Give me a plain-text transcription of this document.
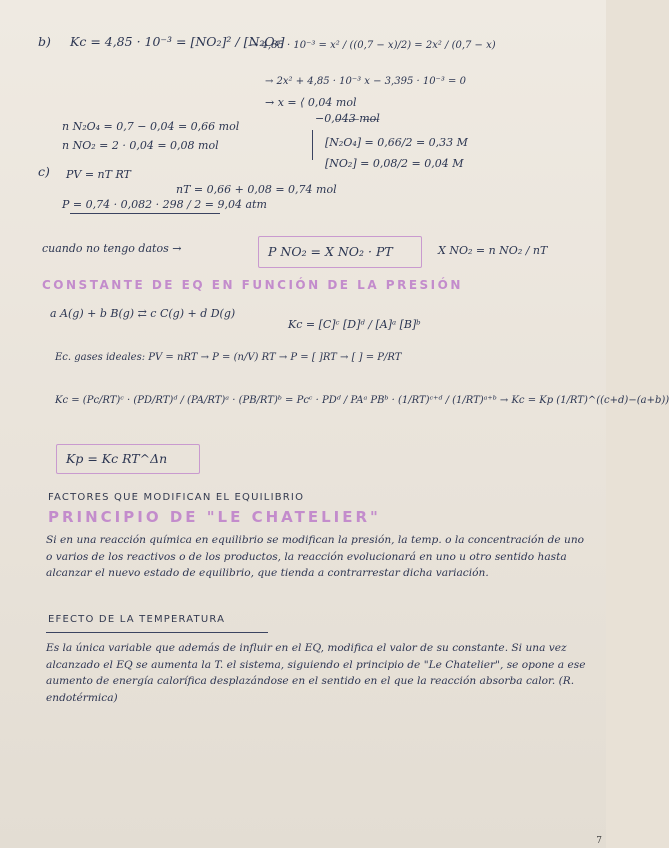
b) Kc = 4,85 · 10⁻³ = [NO₂]² / [N₂O₄]
→ 4,85 · 10⁻³ = x² / ((0,7 − x)/2) = 2x² / (0,7 − x)
→ 2x² + 4,85 · 10⁻³ x − 3,395 · 10⁻³ = 0
→ x = ⟨ 0,04 mol
−0,0̶4̶3̶ ̶m̶o̶l̶
n N₂O₄ = 0,7 − 0,04 = 0,66 mol
n NO₂ = 2 · 0,04 = 0,08 mol	[N₂O₄] = 0,66/2 = 0,33 M
[NO₂] = 0,08/2 = 0,04 M
c) PV = nT RT
nT = 0,66 + 0,08 = 0,74 mol
P = 0,74 · 0,082 · 298 / 2 = 9,04 atm
cuando no tengo datos →	P NO₂ = X NO₂ · PT	X NO₂ = n NO₂ / nT
CONSTANTE DE EQ EN FUNCIÓN DE LA PRESIÓN
a A(g) + b B(g) ⇄ c C(g) + d D(g)
Kc = [C]ᶜ [D]ᵈ / [A]ᵃ [B]ᵇ
Ec. gases ideales: PV = nRT → P = (n/V) RT → P = [ ]RT → [ ] = P/RT
Kc = (Pc/RT)ᶜ · (PD/RT)ᵈ / (PA/RT)ᵃ · (PB/RT)ᵇ = Pcᶜ · PDᵈ / PAᵃ PBᵇ · (1/RT)ᶜ⁺ᵈ / (1/RT)ᵃ⁺ᵇ → Kc = Kp (1/RT)^((c+d)−(a+b))
Kp = Kc RT^Δn
FACTORES QUE MODIFICAN EL EQUILIBRIO
PRINCIPIO DE "LE CHATELIER"
Si en una reacción química en equilibrio se modifican la presión, la temp. o la concentración de uno o varios de los reactivos o de los productos, la reacción evolucionará en uno u otro sentido hasta alcanzar el nuevo estado de equilibrio, que tienda a contrarrestar dicha variación.
EFECTO DE LA TEMPERATURA
Es la única variable que además de influir en el EQ, modifica el valor de su constante. Si una vez alcanzado el EQ se aumenta la T. el sistema, siguiendo el principio de "Le Chatelier", se opone a ese aumento de energía calorífica desplazándose en el sentido en el que la reacción absorba calor. (R. endotérmica)
7
